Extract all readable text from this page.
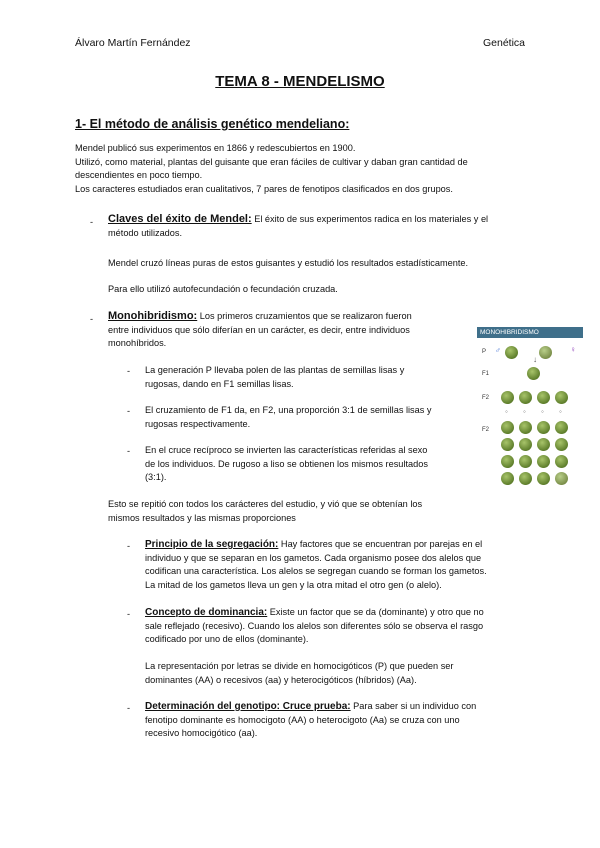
Álvaro Martín Fernández	Genética
TEMA 8 - MENDELISMO
1- El método de análisis genético mendeliano:
Mendel publicó sus experimentos en 1866 y redescubiertos en 1900.
Utilizó, como material, plantas del guisante que eran fáciles de cultivar y daban gran cantidad de
descendientes en poco tiempo.
Los caracteres estudiados eran cualitativos, 7 pares de fenotipos clasificados en dos grupos.
- Claves del éxito de Mendel: El éxito de sus experimentos radica en los materiales y el
método utilizados.
Mendel cruzó líneas puras de estos guisantes y estudió los resultados estadísticamente.
Para ello utilizó autofecundación o fecundación cruzada.
- Monohibridismo: Los primeros cruzamientos que se realizaron fueron
entre individuos que sólo diferían en un carácter, es decir, entre individuos
monohíbridos.
- La generación P llevaba polen de las plantas de semillas lisas y
rugosas, dando en F1 semillas lisas.
- El cruzamiento de F1 da, en F2, una proporción 3:1 de semillas lisas y
rugosas respectivamente.
- En el cruce recíproco se invierten las características referidas al sexo
de los individuos. De rugoso a liso se obtienen los mismos resultados
(3:1).
Esto se repitió con todos los carácteres del estudio, y vió que se obtenían los
mismos resultados y las mismas proporciones
MONOHIBRIDISMO
P
F1
F2
F2
♂	♀
↓
◦ ◦ ◦ ◦
- Principio de la segregación: Hay factores que se encuentran por parejas en el
individuo y que se separan en los gametos. Cada organismo posee dos alelos que
codifican una característica. Los alelos se segregan cuando se forman los gametos.
La mitad de los gametos lleva un gen y la otra mitad el otro gen (o alelo).
- Concepto de dominancia: Existe un factor que se da (dominante) y otro que no
sale reflejado (recesivo). Cuando los alelos son diferentes sólo se observa el rasgo
codificado por uno de ellos (dominante).
La representación por letras se divide en homocigóticos (P) que pueden ser
dominantes (AA) o recesivos (aa) y heterocigóticos (híbridos) (Aa).
- Determinación del genotipo: Cruce prueba: Para saber si un individuo con
fenotipo dominante es homocigoto (AA) o heterocigoto (Aa) se cruza con uno
recesivo homocigótico (aa).
